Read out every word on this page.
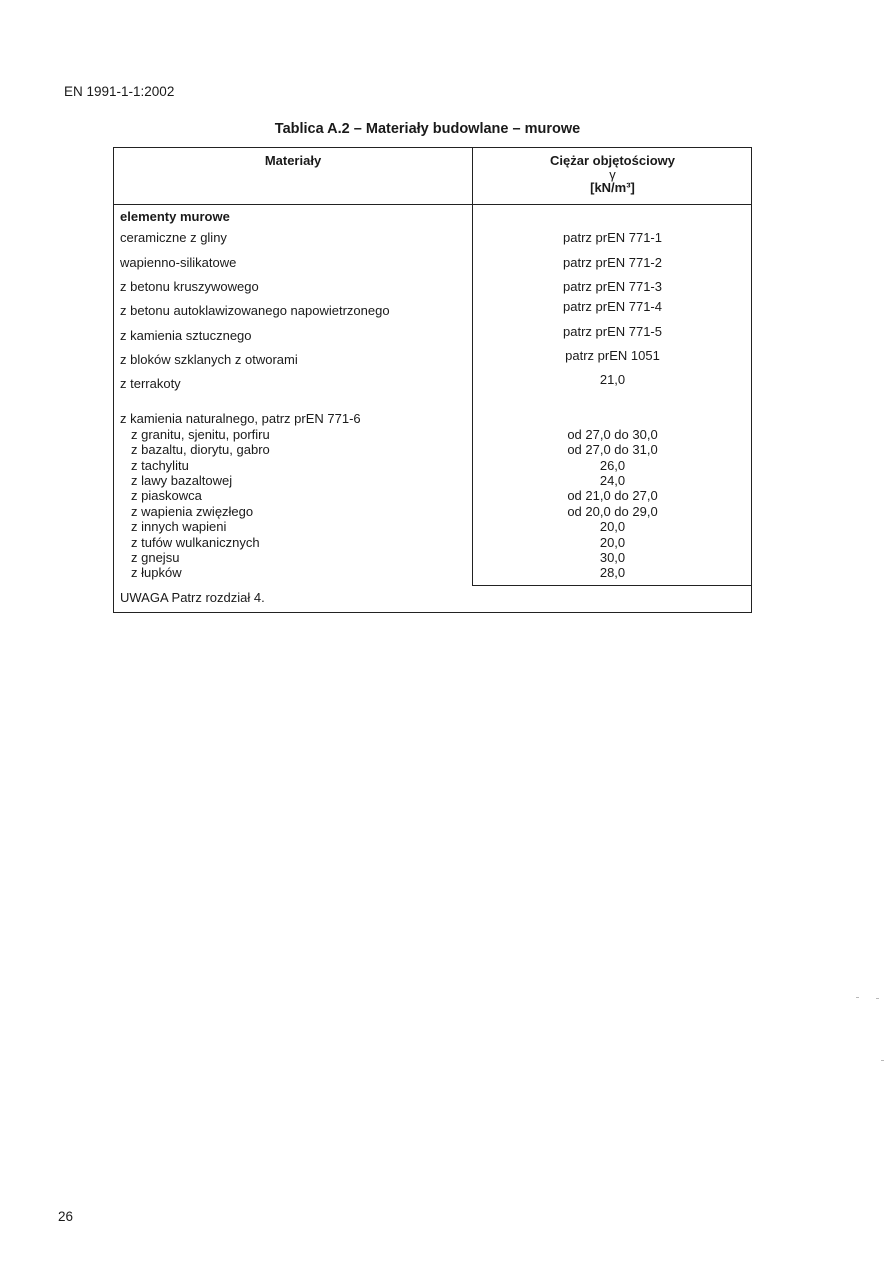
EN 1991-1-1:2002
Tablica A.2 – Materiały budowlane – murowe
Materiały	Ciężar objętościowy
γ
[kN/m³]
elementy murowe
ceramiczne z gliny
wapienno-silikatowe
z betonu kruszywowego
z betonu autoklawizowanego napowietrzonego
z kamienia sztucznego
z bloków szklanych z otworami
z terrakoty
z kamienia naturalnego, patrz prEN 771-6
z granitu, sjenitu, porfiru
z bazaltu, diorytu, gabro
z tachylitu
z lawy bazaltowej
z piaskowca
z wapienia zwięzłego
z innych wapieni
z tufów wulkanicznych
z gnejsu
z łupków
patrz prEN 771-1
patrz prEN 771-2
patrz prEN 771-3
patrz prEN 771-4
patrz prEN 771-5
patrz prEN 1051
21,0
od 27,0 do 30,0
od 27,0 do 31,0
26,0
24,0
od 21,0 do 27,0
od 20,0 do 29,0
20,0
20,0
30,0
28,0
UWAGA Patrz rozdział 4.
26
